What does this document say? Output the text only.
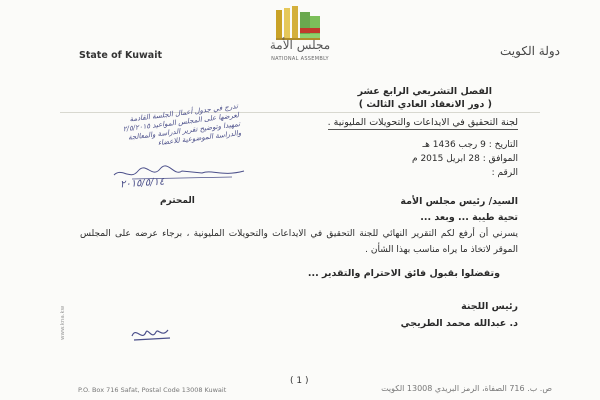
State of Kuwait	دولة الكويت
مجلس الأمة
NATIONAL ASSEMBLY
الفصل التشريعي الرابع عشر
( دور الانعقاد العادي الثالث )
لجنة التحقيق في الايداعات والتحويلات المليونية .
التاريخ : 9 رجب 1436 هـ
الموافق : 28 ابريل 2015 م
الرقم :
تدرج في جدول أعمال الجلسة القادمة لعرضها على المجلس المواعيد ٢/٥/٢٠١٥ تمهيدا وتوضيح تقرير الدراسة والمعالجة والدراسة الموضوعية للاعضاء
٢٠١٥/٥/١٤
السيد/ رئيس مجلس الأمة
المحترم
تحية طيبة ... وبعد ...
يسرني أن أرفع لكم التقرير النهائي للجنة التحقيق في الايداعات والتحويلات المليونية ، برجاء عرضه على المجلس الموقر لاتخاذ ما يراه مناسب بهذا الشأن .
وتفضلوا بقبول فائق الاحترام والتقدير ...
رئيس اللجنة
د. عبدالله محمد الطريجي
www.kna.kw
( 1 )
P.O. Box 716 Safat, Postal Code 13008 Kuwait	ص. ب. 716 الصفاة، الرمز البريدي 13008 الكويت
